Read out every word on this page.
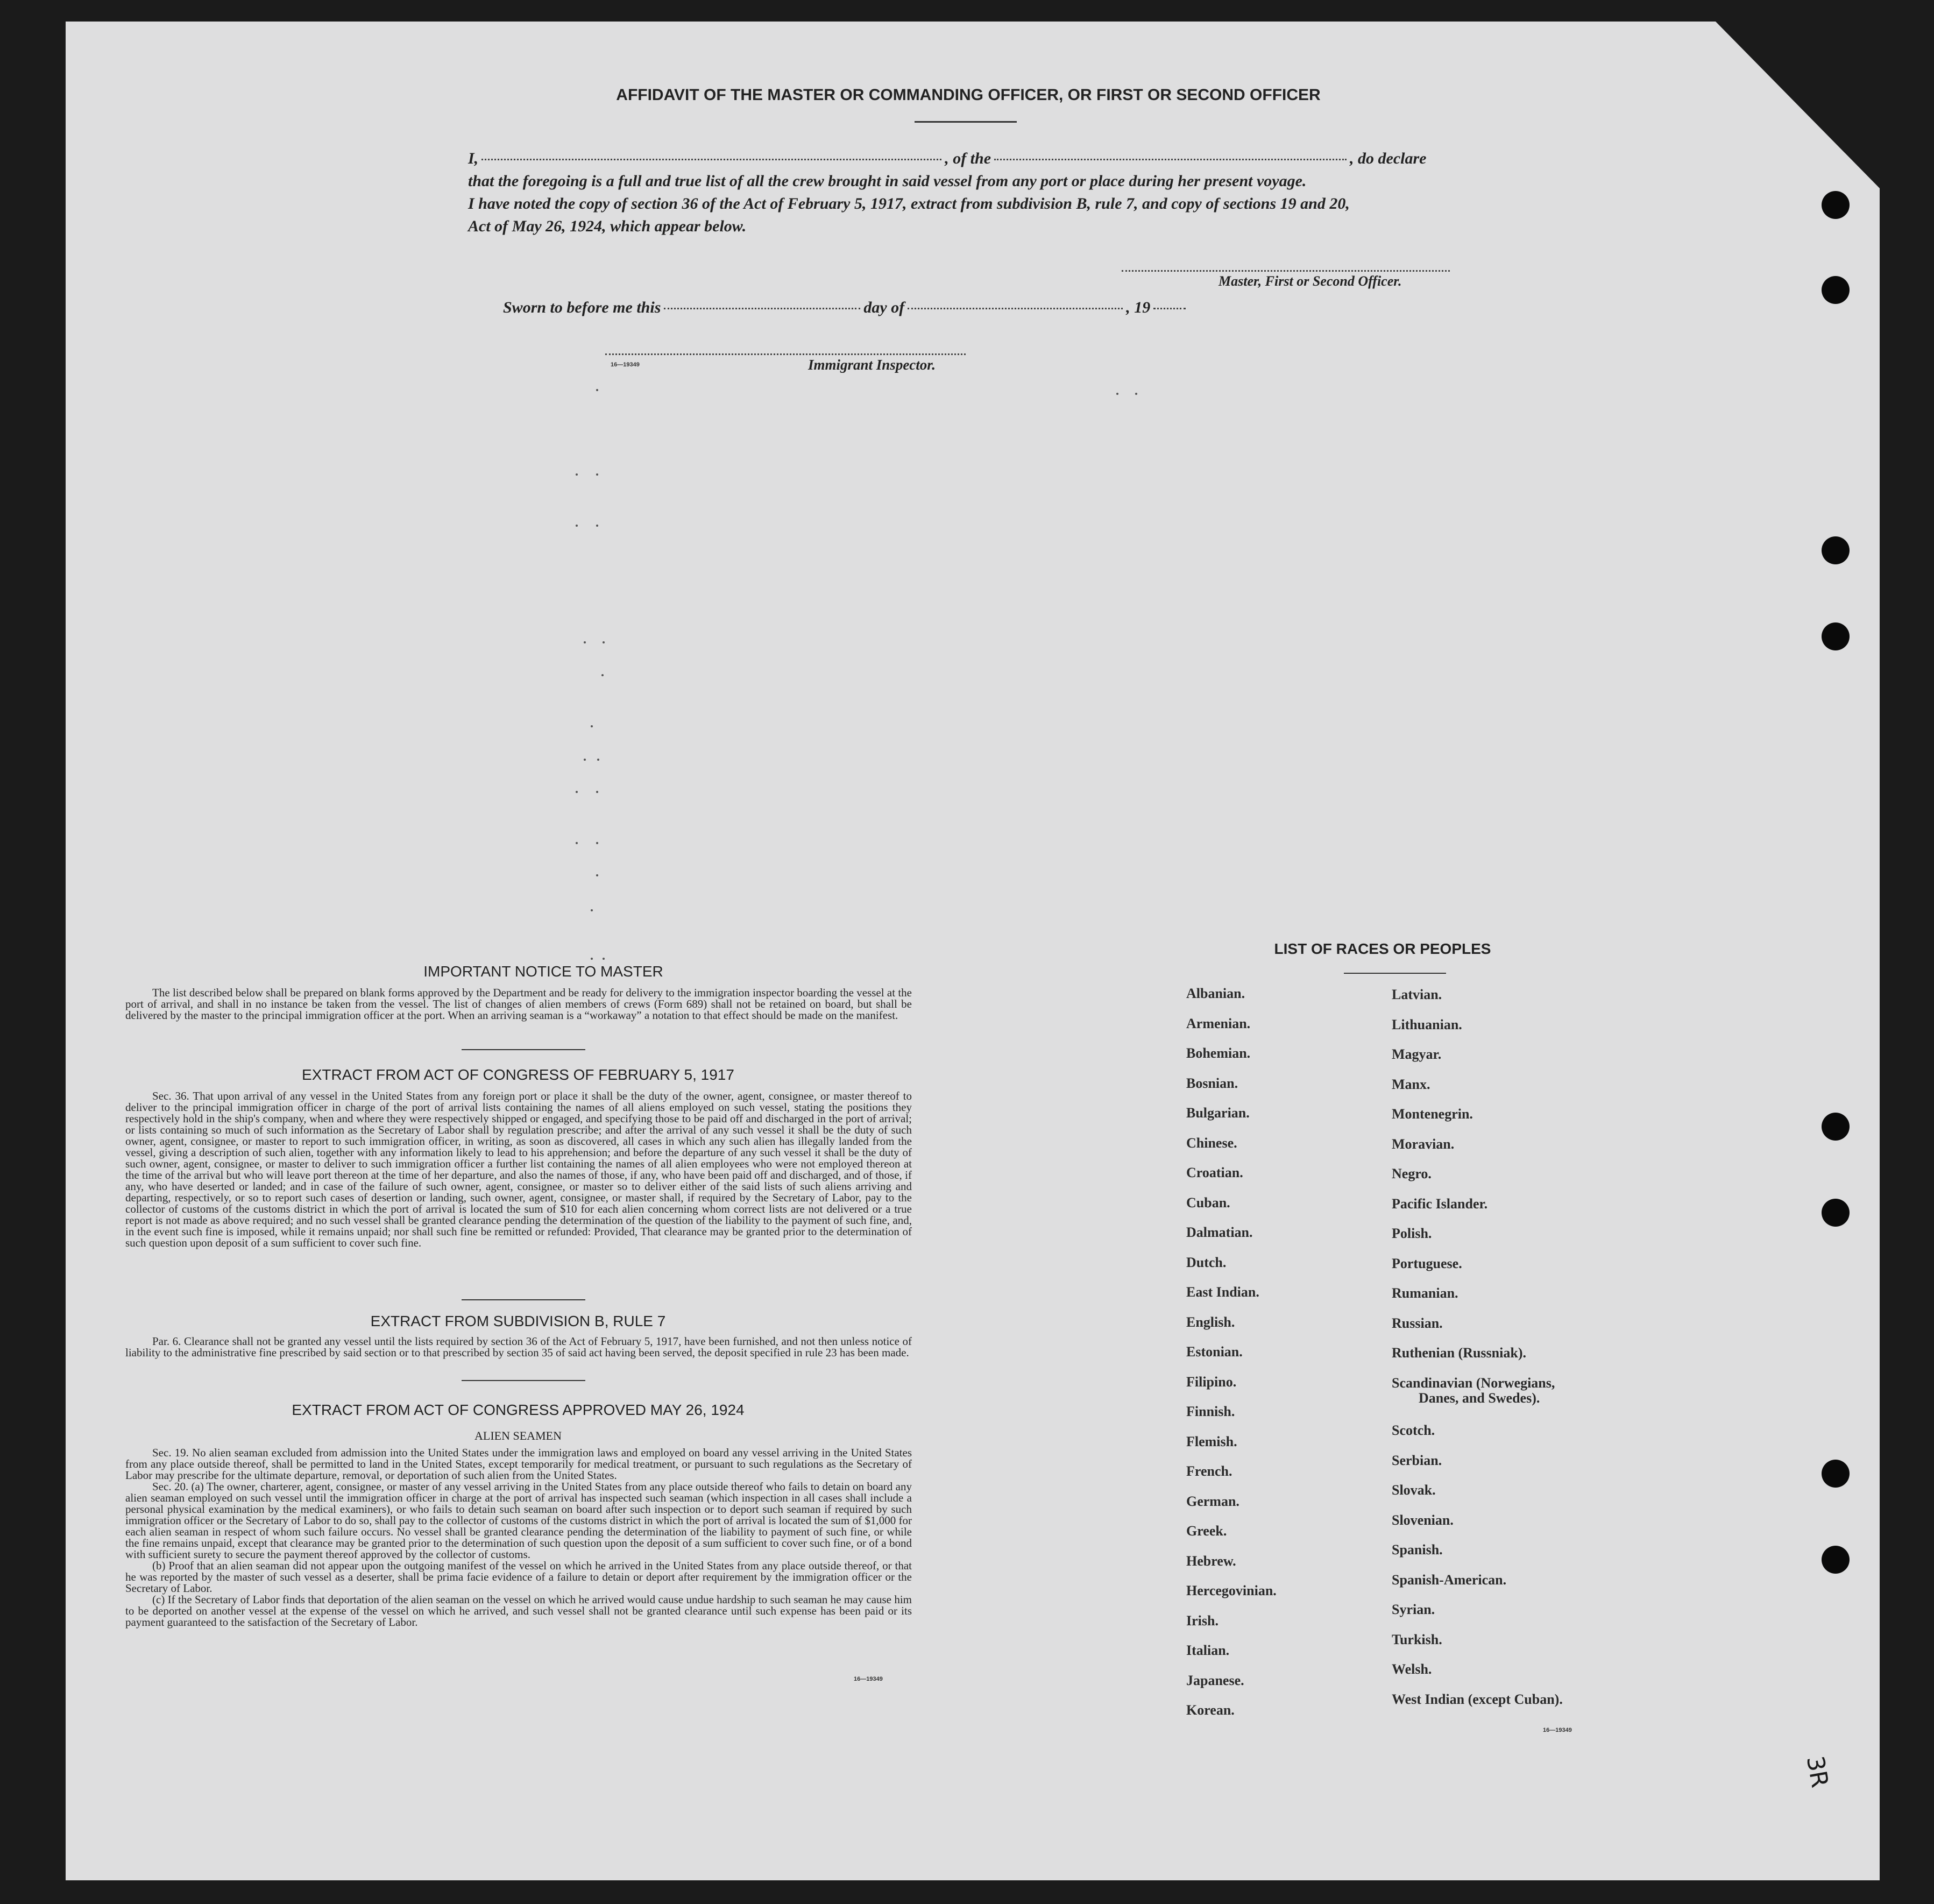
AFFIDAVIT OF THE MASTER OR COMMANDING OFFICER, OR FIRST OR SECOND OFFICER
I,	, of the	, do declare
that the foregoing is a full and true list of all the crew brought in said vessel from any port or place during her present voyage.
I have noted the copy of section 36 of the Act of February 5, 1917, extract from subdivision B, rule 7, and copy of sections 19 and 20,
Act of May 26, 1924, which appear below.
Master, First or Second Officer.
Sworn to before me this	day of	, 19
16—19349	Immigrant Inspector.
IMPORTANT NOTICE TO MASTER
The list described below shall be prepared on blank forms approved by the Department and be ready for delivery to the immigration inspector boarding the vessel at the port of arrival, and shall in no instance be taken from the vessel. The list of changes of alien members of crews (Form 689) shall not be retained on board, but shall be delivered by the master to the principal immigration officer at the port. When an arriving seaman is a “workaway” a notation to that effect should be made on the manifest.
EXTRACT FROM ACT OF CONGRESS OF FEBRUARY 5, 1917
Sec. 36. That upon arrival of any vessel in the United States from any foreign port or place it shall be the duty of the owner, agent, consignee, or master thereof to deliver to the principal immigration officer in charge of the port of arrival lists containing the names of all aliens employed on such vessel, stating the positions they respectively hold in the ship's company, when and where they were respectively shipped or engaged, and specifying those to be paid off and discharged in the port of arrival; or lists containing so much of such information as the Secretary of Labor shall by regulation prescribe; and after the arrival of any such vessel it shall be the duty of such owner, agent, consignee, or master to report to such immigration officer, in writing, as soon as discovered, all cases in which any such alien has illegally landed from the vessel, giving a description of such alien, together with any information likely to lead to his apprehension; and before the departure of any such vessel it shall be the duty of such owner, agent, consignee, or master to deliver to such immigration officer a further list containing the names of all alien employees who were not employed thereon at the time of the arrival but who will leave port thereon at the time of her departure, and also the names of those, if any, who have been paid off and discharged, and of those, if any, who have deserted or landed; and in case of the failure of such owner, agent, consignee, or master so to deliver either of the said lists of such aliens arriving and departing, respectively, or so to report such cases of desertion or landing, such owner, agent, consignee, or master shall, if required by the Secretary of Labor, pay to the collector of customs of the customs district in which the port of arrival is located the sum of $10 for each alien concerning whom correct lists are not delivered or a true report is not made as above required; and no such vessel shall be granted clearance pending the determination of the question of the liability to the payment of such fine, and, in the event such fine is imposed, while it remains unpaid; nor shall such fine be remitted or refunded: Provided, That clearance may be granted prior to the determination of such question upon deposit of a sum sufficient to cover such fine.
EXTRACT FROM SUBDIVISION B, RULE 7
Par. 6. Clearance shall not be granted any vessel until the lists required by section 36 of the Act of February 5, 1917, have been furnished, and not then unless notice of liability to the administrative fine prescribed by said section or to that prescribed by section 35 of said act having been served, the deposit specified in rule 23 has been made.
EXTRACT FROM ACT OF CONGRESS APPROVED MAY 26, 1924
ALIEN SEAMEN

Sec. 19. No alien seaman excluded from admission into the United States under the immigration laws and employed on board any vessel arriving in the United States from any place outside thereof, shall be permitted to land in the United States, except temporarily for medical treatment, or pursuant to such regulations as the Secretary of Labor may prescribe for the ultimate departure, removal, or deportation of such alien from the United States.

Sec. 20. (a) The owner, charterer, agent, consignee, or master of any vessel arriving in the United States from any place outside thereof who fails to detain on board any alien seaman employed on such vessel until the immigration officer in charge at the port of arrival has inspected such seaman (which inspection in all cases shall include a personal physical examination by the medical examiners), or who fails to detain such seaman on board after such inspection or to deport such seaman if required by such immigration officer or the Secretary of Labor to do so, shall pay to the collector of customs of the customs district in which the port of arrival is located the sum of $1,000 for each alien seaman in respect of whom such failure occurs. No vessel shall be granted clearance pending the determination of the liability to payment of such fine, or while the fine remains unpaid, except that clearance may be granted prior to the determination of such question upon the deposit of a sum sufficient to cover such fine, or of a bond with sufficient surety to secure the payment thereof approved by the collector of customs.

(b) Proof that an alien seaman did not appear upon the outgoing manifest of the vessel on which he arrived in the United States from any place outside thereof, or that he was reported by the master of such vessel as a deserter, shall be prima facie evidence of a failure to detain or deport after requirement by the immigration officer or the Secretary of Labor.

(c) If the Secretary of Labor finds that deportation of the alien seaman on the vessel on which he arrived would cause undue hardship to such seaman he may cause him to be deported on another vessel at the expense of the vessel on which he arrived, and such vessel shall not be granted clearance until such expense has been paid or its payment guaranteed to the satisfaction of the Secretary of Labor.

16—19349
LIST OF RACES OR PEOPLES
16—19349
3R
Albanian.
Armenian.
Bohemian.
Bosnian.
Bulgarian.
Chinese.
Croatian.
Cuban.
Dalmatian.
Dutch.
East Indian.
English.
Estonian.
Filipino.
Finnish.
Flemish.
French.
German.
Greek.
Hebrew.
Hercegovinian.
Irish.
Italian.
Japanese.
Korean.
Latvian.
Lithuanian.
Magyar.
Manx.
Montenegrin.
Moravian.
Negro.
Pacific Islander.
Polish.
Portuguese.
Rumanian.
Russian.
Ruthenian (Russniak).
Scandinavian (Norwegians,
Danes, and Swedes).
Scotch.
Serbian.
Slovak.
Slovenian.
Spanish.
Spanish-American.
Syrian.
Turkish.
Welsh.
West Indian (except Cuban).
